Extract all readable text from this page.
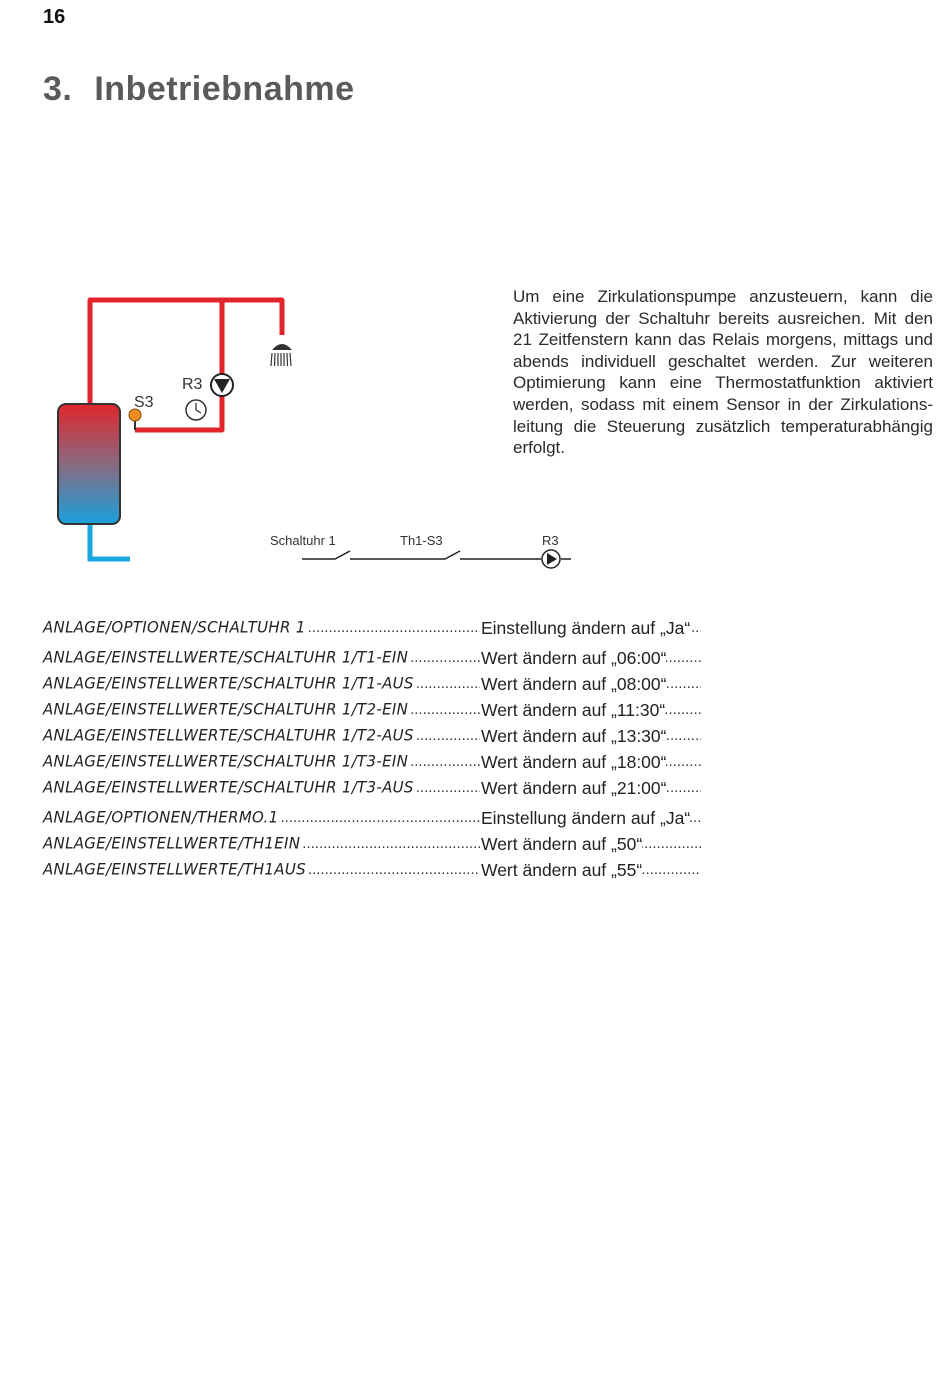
16
3. Inbetriebnahme
Um eine Zirkulationspumpe anzusteuern, kann die Aktivierung der Schaltuhr bereits ausreichen. Mit den 21 Zeitfenstern kann das Relais morgens, mittags und abends individuell geschaltet werden. Zur weiteren Optimierung kann eine Thermostatfunktion aktiviert werden, sodass mit einem Sensor in der Zirkulations-leitung die Steuerung zusätzlich temperaturabhängig erfolgt.
S3
R3
Schaltuhr 1	Th1-S3	R3
ANLAGE/OPTIONEN/SCHALTUHR 1 .....	Einstellung ändern auf „Ja“
ANLAGE/EINSTELLWERTE/SCHALTUHR 1/T1-EIN .....	Wert ändern auf „06:00“
ANLAGE/EINSTELLWERTE/SCHALTUHR 1/T1-AUS .....	Wert ändern auf „08:00“
ANLAGE/EINSTELLWERTE/SCHALTUHR 1/T2-EIN .....	Wert ändern auf „11:30“
ANLAGE/EINSTELLWERTE/SCHALTUHR 1/T2-AUS .....	Wert ändern auf „13:30“
ANLAGE/EINSTELLWERTE/SCHALTUHR 1/T3-EIN .....	Wert ändern auf „18:00“
ANLAGE/EINSTELLWERTE/SCHALTUHR 1/T3-AUS .....	Wert ändern auf „21:00“
ANLAGE/OPTIONEN/THERMO.1 .....	Einstellung ändern auf „Ja“
ANLAGE/EINSTELLWERTE/TH1EIN .....	Wert ändern auf „50“
ANLAGE/EINSTELLWERTE/TH1AUS .....	Wert ändern auf „55“
